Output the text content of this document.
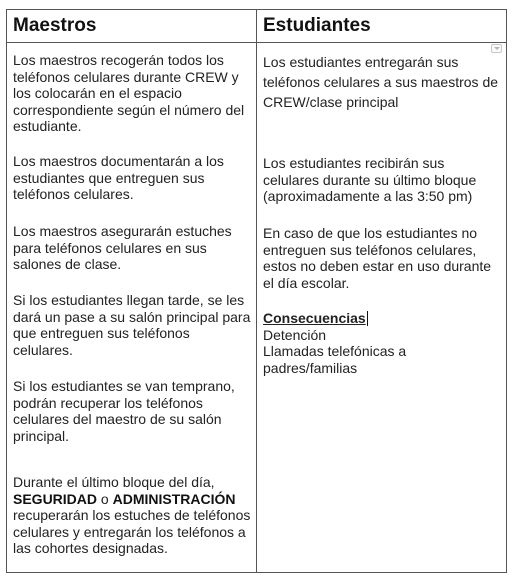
Maestros	Estudiantes

Los maestros recogerán todos los teléfonos celulares durante CREW y los colocarán en el espacio correspondiente según el número del estudiante.

Los maestros documentarán a los estudiantes que entreguen sus teléfonos celulares.

Los maestros asegurarán estuches para teléfonos celulares en sus salones de clase.

Si los estudiantes llegan tarde, se les dará un pase a su salón principal para que entreguen sus teléfonos celulares.

Si los estudiantes se van temprano, podrán recuperar los teléfonos celulares del maestro de su salón principal.

Durante el último bloque del día, SEGURIDAD o ADMINISTRACIÓN recuperarán los estuches de teléfonos celulares y entregarán los teléfonos a las cohortes designadas.

Los estudiantes entregarán sus teléfonos celulares a sus maestros de CREW/clase principal

Los estudiantes recibirán sus celulares durante su último bloque (aproximadamente a las 3:50 pm)

En caso de que los estudiantes no entreguen sus teléfonos celulares, estos no deben estar en uso durante el día escolar.

Consecuencias
Detención
Llamadas telefónicas a padres/familias
